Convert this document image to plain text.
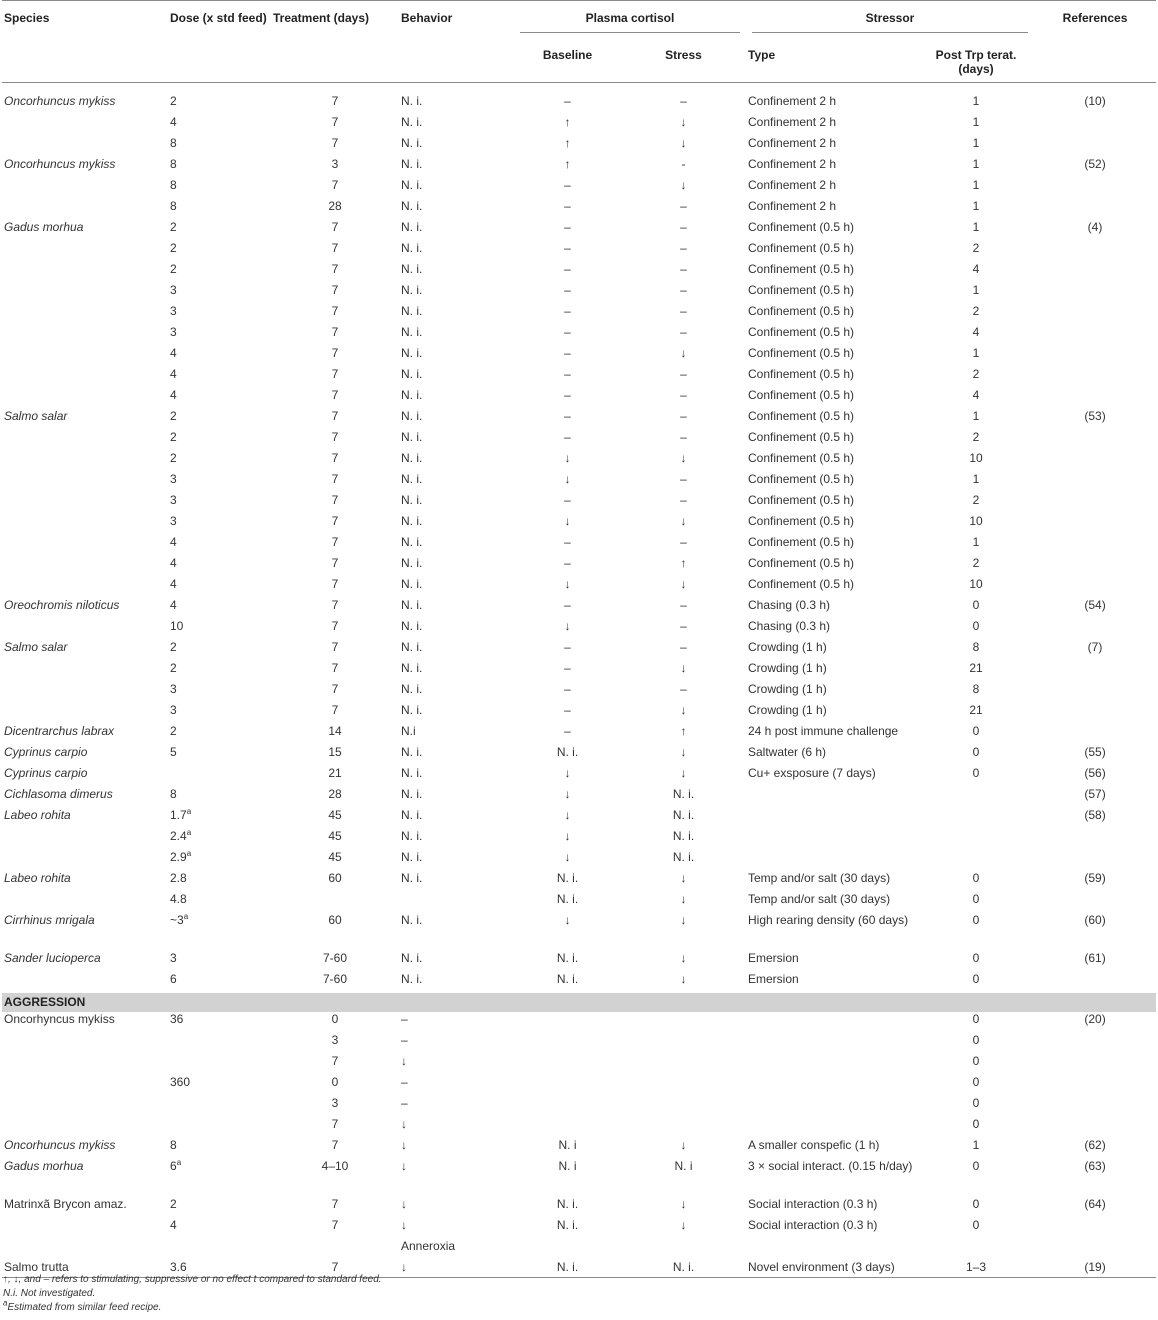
Species	Dose (x std feed)	Treatment (days)	Behavior	Plasma cortisol		Stressor		References
				Baseline	Stress	Type	Post Trp terat. (days)	
Oncorhuncus mykiss	2	7	N. i.	–	–	Confinement 2 h	1	(10)
	4	7	N. i.	↑	↓	Confinement 2 h	1	
	8	7	N. i.	↑	↓	Confinement 2 h	1	
Oncorhuncus mykiss	8	3	N. i.	↑	-	Confinement 2 h	1	(52)
	8	7	N. i.	–	↓	Confinement 2 h	1	
	8	28	N. i.	–	–	Confinement 2 h	1	
Gadus morhua	2	7	N. i.	–	–	Confinement (0.5 h)	1	(4)
	2	7	N. i.	–	–	Confinement (0.5 h)	2	
	2	7	N. i.	–	–	Confinement (0.5 h)	4	
	3	7	N. i.	–	–	Confinement (0.5 h)	1	
	3	7	N. i.	–	–	Confinement (0.5 h)	2	
	3	7	N. i.	–	–	Confinement (0.5 h)	4	
	4	7	N. i.	–	↓	Confinement (0.5 h)	1	
	4	7	N. i.	–	–	Confinement (0.5 h)	2	
	4	7	N. i.	–	–	Confinement (0.5 h)	4	
Salmo salar	2	7	N. i.	–	–	Confinement (0.5 h)	1	(53)
	2	7	N. i.	–	–	Confinement (0.5 h)	2	
	2	7	N. i.	↓	↓	Confinement (0.5 h)	10	
	3	7	N. i.	↓	–	Confinement (0.5 h)	1	
	3	7	N. i.	–	–	Confinement (0.5 h)	2	
	3	7	N. i.	↓	↓	Confinement (0.5 h)	10	
	4	7	N. i.	–	–	Confinement (0.5 h)	1	
	4	7	N. i.	–	↑	Confinement (0.5 h)	2	
	4	7	N. i.	↓	↓	Confinement (0.5 h)	10	
Oreochromis niloticus	4	7	N. i.	–	–	Chasing (0.3 h)	0	(54)
	10	7	N. i.	↓	–	Chasing (0.3 h)	0	
Salmo salar	2	7	N. i.	–	–	Crowding (1 h)	8	(7)
	2	7	N. i.	–	↓	Crowding (1 h)	21	
	3	7	N. i.	–	–	Crowding (1 h)	8	
	3	7	N. i.	–	↓	Crowding (1 h)	21	
Dicentrarchus labrax	2	14	N.i	–	↑	24 h post immune challenge	0	
Cyprinus carpio	5	15	N. i.	N. i.	↓	Saltwater (6 h)	0	(55)
Cyprinus carpio		21	N. i.	↓	↓	Cu+ exsposure (7 days)	0	(56)
Cichlasoma dimerus	8	28	N. i.	↓	N. i.			(57)
Labeo rohita	1.7$^a$	45	N. i.	↓	N. i.			(58)
	2.4$^a$	45	N. i.	↓	N. i.			
	2.9$^a$	45	N. i.	↓	N. i.			
Labeo rohita	2.8	60	N. i.	N. i.	↓	Temp and/or salt (30 days)	0	(59)
	4.8			N. i.	↓	Temp and/or salt (30 days)	0	
Cirrhinus mrigala	~3$^a$	60	N. i.	↓	↓	High rearing density (60 days)	0	(60)
Sander lucioperca	3	7-60	N. i.	N. i.	↓	Emersion	0	(61)
	6	7-60	N. i.	N. i.	↓	Emersion	0	
AGGRESSION								
Oncorhyncus mykiss	36	0	–				0	(20)
		3	–				0	
		7	↓				0	
	360	0	–				0	
		3	–				0	
		7	↓				0	
Oncorhuncus mykiss	8	7	↓	N. i	↓	A smaller conspefic (1 h)	1	(62)
Gadus morhua	6$^a$	4–10	↓	N. i	N. i	3 × social interact. (0.15 h/day)	0	(63)
Matrinxã Brycon amaz.	2	7	↓	N. i.	↓	Social interaction (0.3 h)	0	(64)
	4	7	↓	N. i.	↓	Social interaction (0.3 h)	0	
			Anneroxia					
Salmo trutta	3.6	7	↓	N. i.	N. i.	Novel environment (3 days)	1–3	(19)
↑, ↓, and – refers to stimulating, suppressive or no effect t compared to standard feed.
N.i. Not investigated.
$^a$Estimated from similar feed recipe.
